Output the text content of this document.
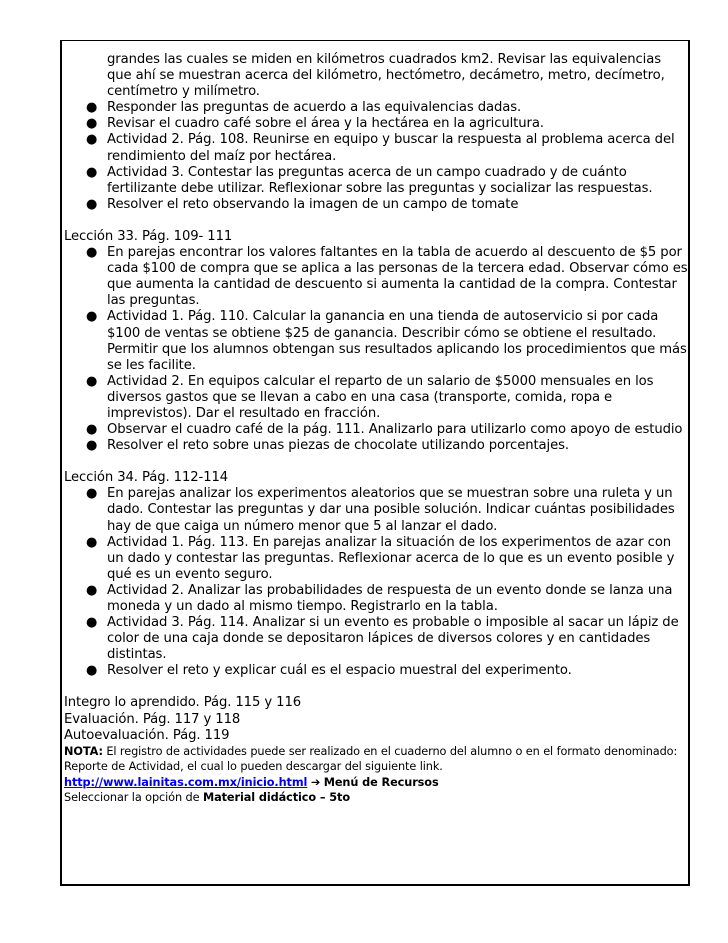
grandes las cuales se miden en kilómetros cuadrados km2. Revisar las equivalencias que ahí se muestran acerca del kilómetro, hectómetro, decámetro, metro, decímetro, centímetro y milímetro.
● Responder las preguntas de acuerdo a las equivalencias dadas.
● Revisar el cuadro café sobre el área y la hectárea en la agricultura.
● Actividad 2. Pág. 108. Reunirse en equipo y buscar la respuesta al problema acerca del rendimiento del maíz por hectárea.
● Actividad 3. Contestar las preguntas acerca de un campo cuadrado y de cuánto fertilizante debe utilizar. Reflexionar sobre las preguntas y socializar las respuestas.
● Resolver el reto observando la imagen de un campo de tomate
Lección 33. Pág. 109- 111
● En parejas encontrar los valores faltantes en la tabla de acuerdo al descuento de $5 por cada $100 de compra que se aplica a las personas de la tercera edad. Observar cómo es que aumenta la cantidad de descuento si aumenta la cantidad de la compra. Contestar las preguntas.
● Actividad 1. Pág. 110. Calcular la ganancia en una tienda de autoservicio si por cada $100 de ventas se obtiene $25 de ganancia. Describir cómo se obtiene el resultado. Permitir que los alumnos obtengan sus resultados aplicando los procedimientos que más se les facilite.
● Actividad 2. En equipos calcular el reparto de un salario de $5000 mensuales en los diversos gastos que se llevan a cabo en una casa (transporte, comida, ropa e imprevistos). Dar el resultado en fracción.
● Observar el cuadro café de la pág. 111. Analizarlo para utilizarlo como apoyo de estudio
● Resolver el reto sobre unas piezas de chocolate utilizando porcentajes.
Lección 34. Pág. 112-114
● En parejas analizar los experimentos aleatorios que se muestran sobre una ruleta y un dado. Contestar las preguntas y dar una posible solución. Indicar cuántas posibilidades hay de que caiga un número menor que 5 al lanzar el dado.
● Actividad 1. Pág. 113. En parejas analizar la situación de los experimentos de azar con un dado y contestar las preguntas. Reflexionar acerca de lo que es un evento posible y qué es un evento seguro.
● Actividad 2. Analizar las probabilidades de respuesta de un evento donde se lanza una moneda y un dado al mismo tiempo. Registrarlo en la tabla.
● Actividad 3. Pág. 114. Analizar si un evento es probable o imposible al sacar un lápiz de color de una caja donde se depositaron lápices de diversos colores y en cantidades distintas.
● Resolver el reto y explicar cuál es el espacio muestral del experimento.
Integro lo aprendido. Pág. 115 y 116
Evaluación. Pág. 117 y 118
Autoevaluación. Pág. 119
NOTA: El registro de actividades puede ser realizado en el cuaderno del alumno o en el formato denominado: Reporte de Actividad, el cual lo pueden descargar del siguiente link.
http://www.lainitas.com.mx/inicio.html ➔ Menú de Recursos
Seleccionar la opción de Material didáctico – 5to
